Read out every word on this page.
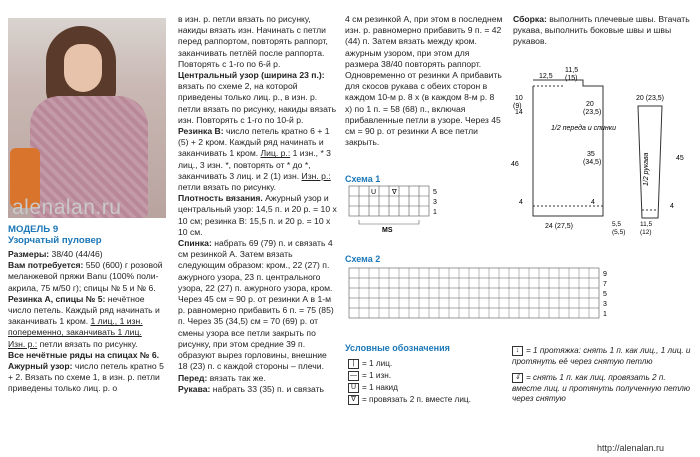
alenalan.ru

МОДЕЛЬ 9

Узорчатый пуловер

Размеры: 38/40 (44/46)

Вам потребуется: 550 (600) г розовой меланжевой пряжи Banu (100% поли-акрила, 75 м/50 г); спицы № 5 и № 6.

Резинка А, спицы № 5: нечётное число петель. Каждый ряд начинать и заканчивать 1 кром. 1 лиц., 1 изн. попеременно, заканчивать 1 лиц.

Изн. р.: петли вязать по рисунку.

Все нечётные ряды на спицах № 6.

Ажурный узор: число петель кратно 5 + 2. Вязать по схеме 1, в изн. р. петли приведены только лиц. р. о

в изн. р. петли вязать по рисунку, накиды вязать изн. Начинать с петли перед раппортом, повторять раппорт, заканчивать петлёй после раппорта. Повторять с 1-го по 6-й р.

Центральный узор (ширина 23 п.): вязать по схеме 2, на которой приведены только лиц. р., в изн. р. петли вязать по рисунку, накиды вязать изн. Повторять с 1-го по 10-й р.

Резинка В: число петель кратно 6 + 1 (5) + 2 кром. Каждый ряд начинать и заканчивать 1 кром. Лиц. р.: 1 изн., * 3 лиц., 3 изн. *, повторять от * до *, заканчивать 3 лиц. и 2 (1) изн. Изн. р.: петли вязать по рисунку.

Плотность вязания. Ажурный узор и центральный узор: 14,5 п. и 20 р. = 10 х 10 см; резинка В: 15,5 п. и 20 р. = 10 х 10 см.

Спинка: набрать 69 (79) п. и связать 4 см резинкой А. Затем вязать следующим образом: кром., 22 (27) п. ажурного узора, 23 п. центрального узора, 22 (27) п. ажурного узора, кром. Через 45 см = 90 р. от резинки А в 1-м р. равномерно прибавить 6 п. = 75 (85) п. Через 35 (34,5) см = 70 (69) р. от смены узора все петли закрыть по рисунку, при этом средние 39 п. образуют вырез горловины, внешние 18 (23) п. с каждой стороны – плечи.

Перед: вязать так же.

Рукава: набрать 33 (35) п. и связать

4 см резинкой А, при этом в последнем изн. р. равномерно прибавить 9 п. = 42 (44) п. Затем вязать между кром. ажурным узором, при этом для размера 38/40 повторять раппорт. Одновременно от резинки А прибавить для скосов рукава с обеих сторон в каждом 10-м р. 8 х (в каждом 8-м р. 8 х) по 1 п. = 58 (68) п., включая прибавленные петли в узоре. Через 45 см = 90 р. от резинки А все петли закрыть.

Сборка: выполнить плечевые швы. Втачать рукава, выполнить боковые швы и швы рукавов.

12,5
11,5
(15)
10
(9)
14
20
(23,5)
1/2 переда и спинки
35
(34,5)
46
4	4
24 (27,5)
20 (23,5)
1/2 рукава	45
4
5,5
(5,5)
11,5
(12)
Схема 1
U ∇
MS
5
3
1
Схема 2
9
7
5
3
1
Условные обозначения
| = 1 лиц.
— = 1 изн.
U = 1 накид
∇ = провязать 2 п. вместе лиц.
↓ = 1 протяжка: снять 1 п. как лиц., 1 лиц. и протянуть её через снятую петлю
⇓ = снять 1 п. как лиц. провязать 2 п. вместе лиц. и протянуть полученную петлю через снятую
http://alenalan.ru
